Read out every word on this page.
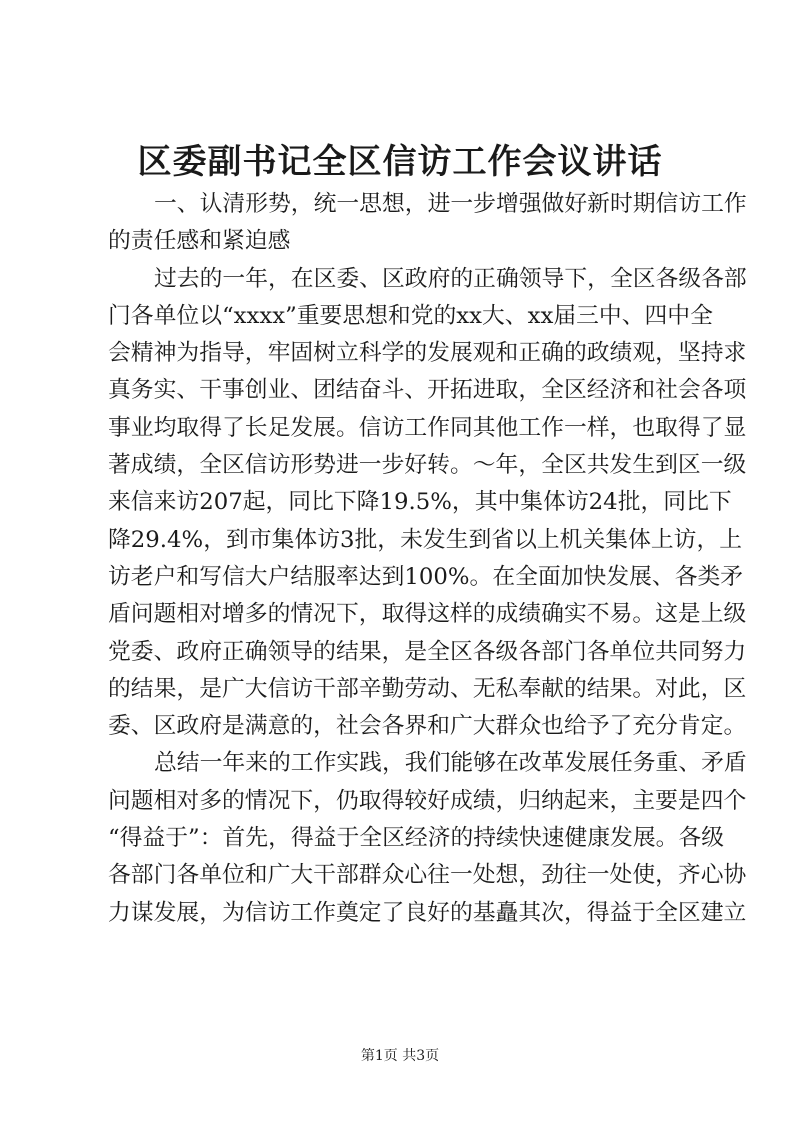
区委副书记全区信访工作会议讲话
一、认清形势，统一思想，进一步增强做好新时期信访工作
的责任感和紧迫感
过去的一年，在区委、区政府的正确领导下，全区各级各部
门各单位以“xxxx”重要思想和党的xx大、xx届三中、四中全
会精神为指导，牢固树立科学的发展观和正确的政绩观，坚持求
真务实、干事创业、团结奋斗、开拓进取，全区经济和社会各项
事业均取得了长足发展。信访工作同其他工作一样，也取得了显
著成绩，全区信访形势进一步好转。～年，全区共发生到区一级
来信来访207起，同比下降19.5%，其中集体访24批，同比下
降29.4%，到市集体访3批，未发生到省以上机关集体上访，上
访老户和写信大户结服率达到100%。在全面加快发展、各类矛
盾问题相对增多的情况下，取得这样的成绩确实不易。这是上级
党委、政府正确领导的结果，是全区各级各部门各单位共同努力
的结果，是广大信访干部辛勤劳动、无私奉献的结果。对此，区
委、区政府是满意的，社会各界和广大群众也给予了充分肯定。
总结一年来的工作实践，我们能够在改革发展任务重、矛盾
问题相对多的情况下，仍取得较好成绩，归纳起来，主要是四个
“得益于”：首先，得益于全区经济的持续快速健康发展。各级
各部门各单位和广大干部群众心往一处想，劲往一处使，齐心协
力谋发展，为信访工作奠定了良好的基矗其次，得益于全区建立
第1页 共3页
